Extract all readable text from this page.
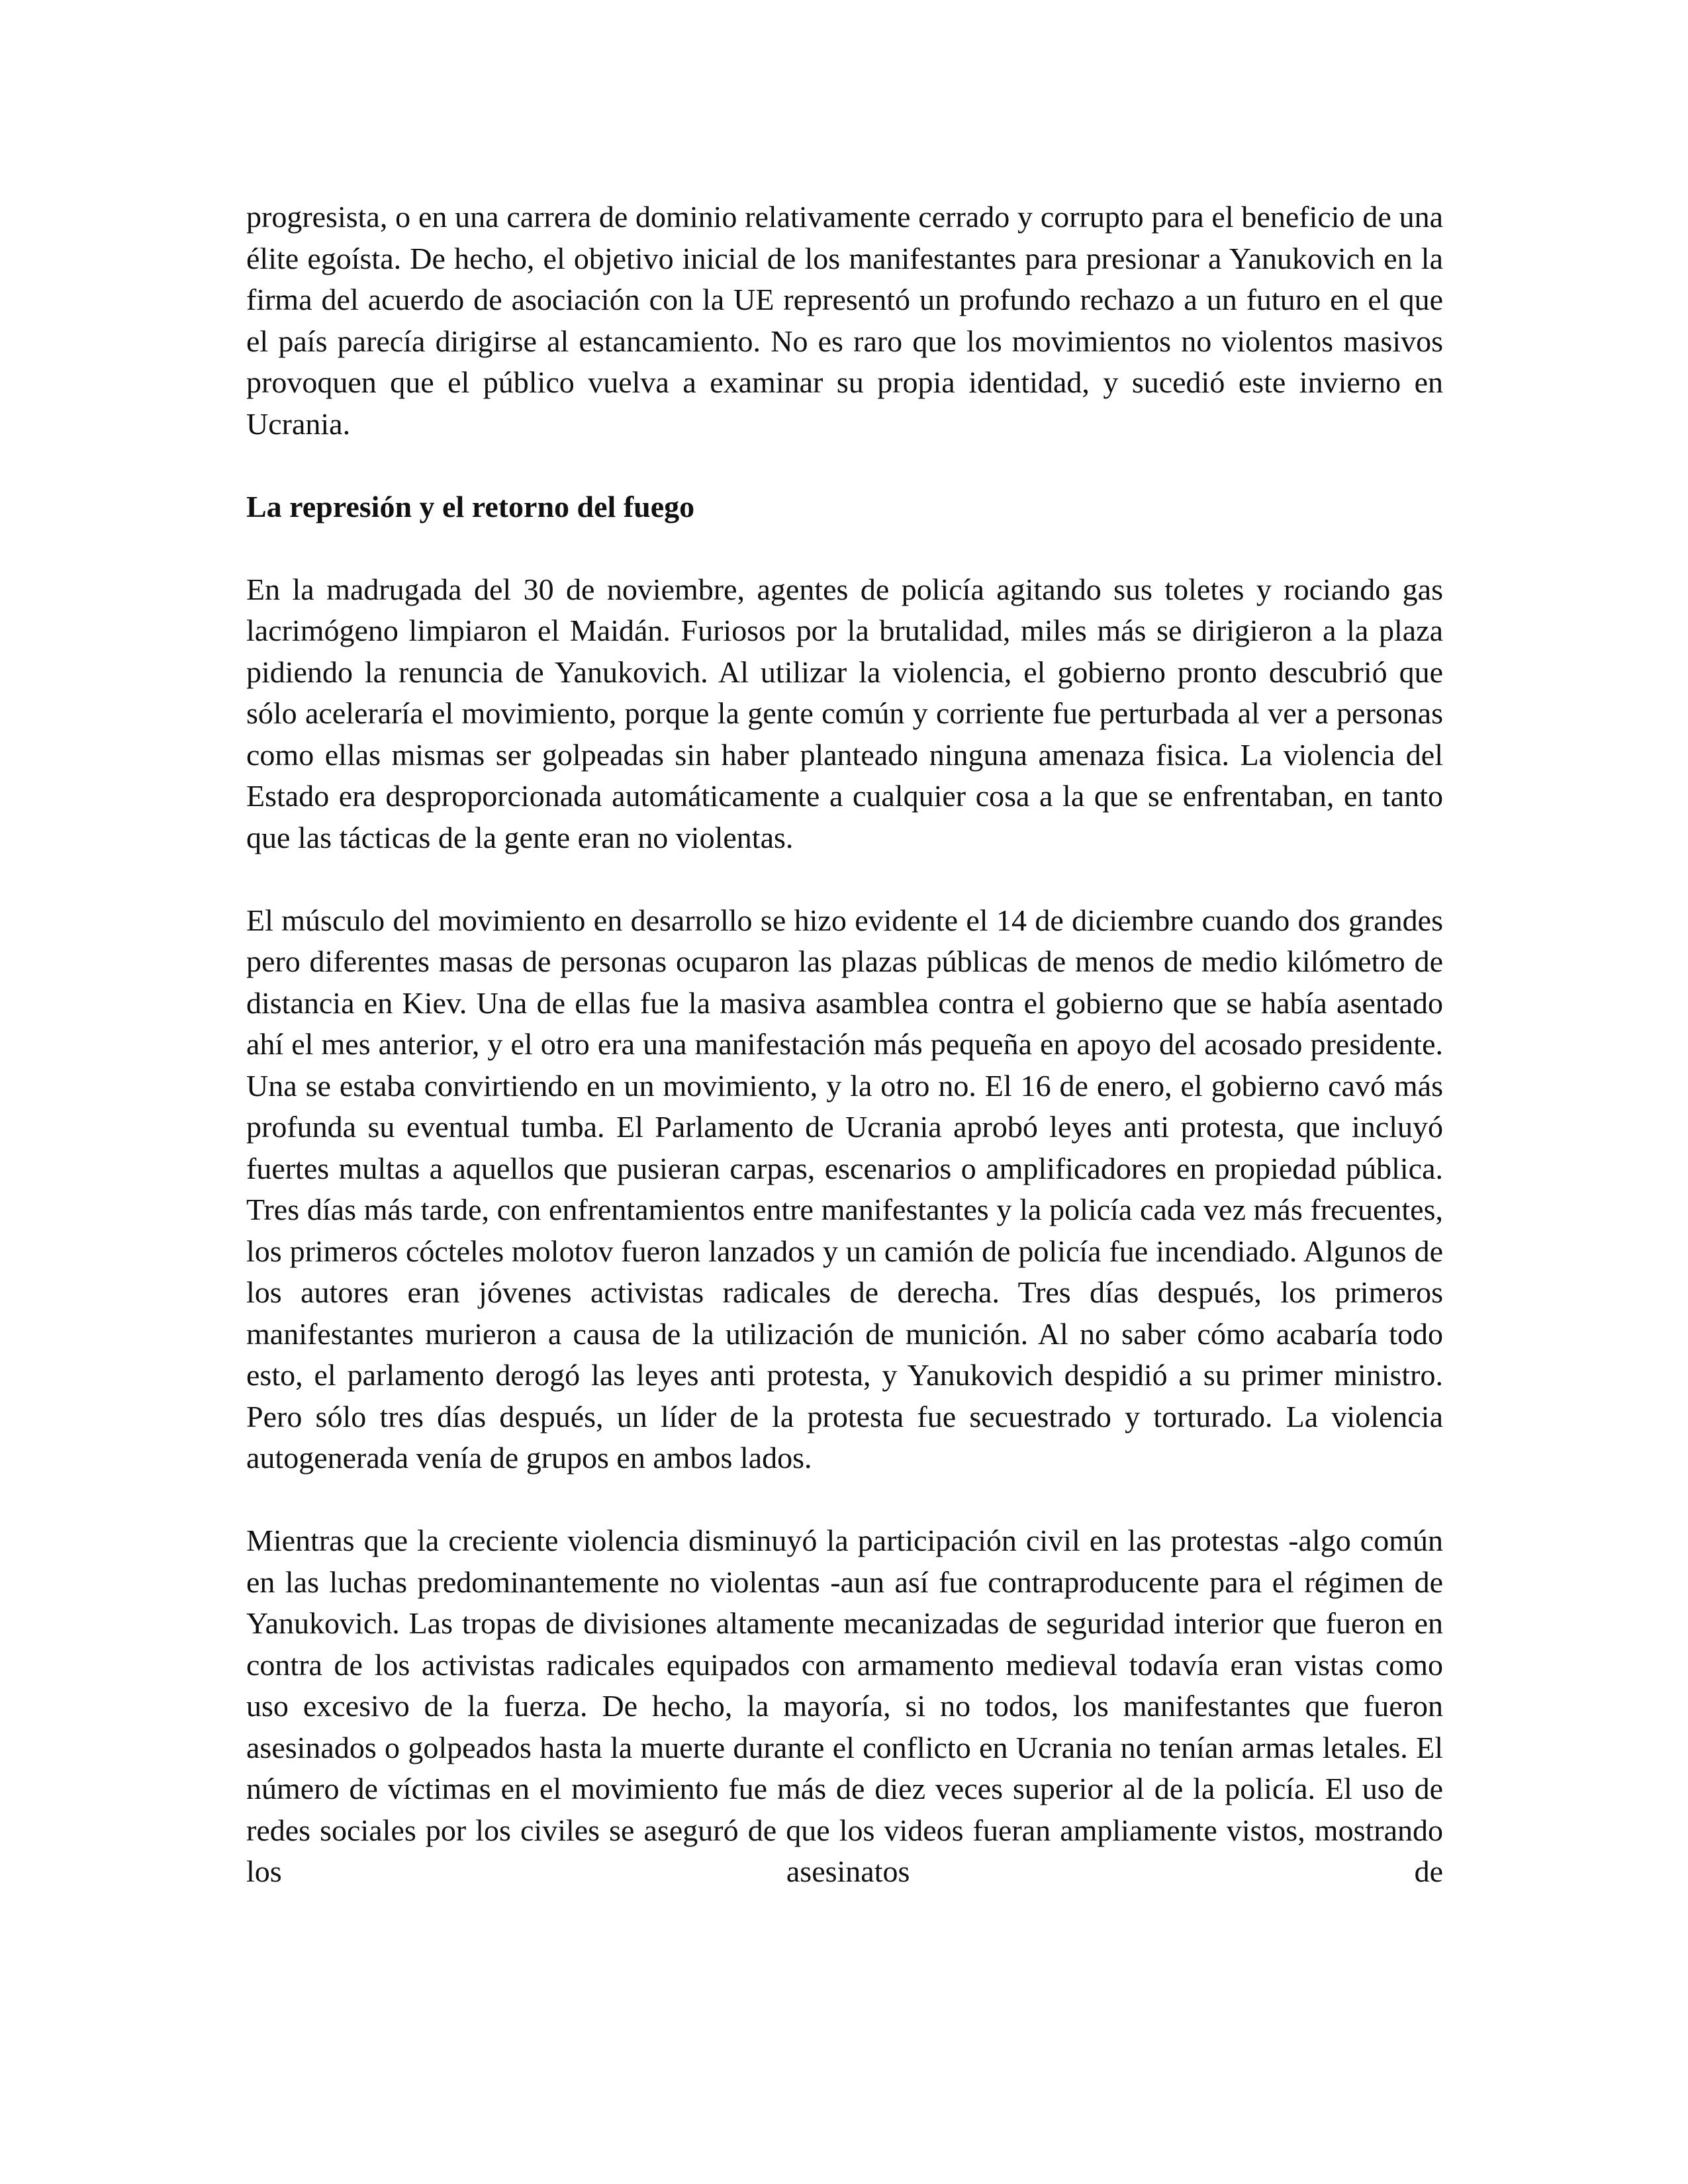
progresista, o en una carrera de dominio relativamente cerrado y corrupto para el beneficio de una élite egoísta. De hecho, el objetivo inicial de los manifestantes para presionar a Yanukovich en la firma del acuerdo de asociación con la UE representó un profundo rechazo a un futuro en el que el país parecía dirigirse al estancamiento. No es raro que los movimientos no violentos masivos provoquen que el público vuelva a examinar su propia identidad, y sucedió este invierno en Ucrania.

La represión y el retorno del fuego

En la madrugada del 30 de noviembre, agentes de policía agitando sus toletes y rociando gas lacrimógeno limpiaron el Maidán. Furiosos por la brutalidad, miles más se dirigieron a la plaza pidiendo la renuncia de Yanukovich. Al utilizar la violencia, el gobierno pronto descubrió que sólo aceleraría el movimiento, porque la gente común y corriente fue perturbada al ver a personas como ellas mismas ser golpeadas sin haber planteado ninguna amenaza fisica. La violencia del Estado era desproporcionada automáticamente a cualquier cosa a la que se enfrentaban, en tanto que las tácticas de la gente eran no violentas.

El músculo del movimiento en desarrollo se hizo evidente el 14 de diciembre cuando dos grandes pero diferentes masas de personas ocuparon las plazas públicas de menos de medio kilómetro de distancia en Kiev. Una de ellas fue la masiva asamblea contra el gobierno que se había asentado ahí el mes anterior, y el otro era una manifestación más pequeña en apoyo del acosado presidente. Una se estaba convirtiendo en un movimiento, y la otro no. El 16 de enero, el gobierno cavó más profunda su eventual tumba. El Parlamento de Ucrania aprobó leyes anti protesta, que incluyó fuertes multas a aquellos que pusieran carpas, escenarios o amplificadores en propiedad pública. Tres días más tarde, con enfrentamientos entre manifestantes y la policía cada vez más frecuentes, los primeros cócteles molotov fueron lanzados y un camión de policía fue incendiado. Algunos de los autores eran jóvenes activistas radicales de derecha. Tres días después, los primeros manifestantes murieron a causa de la utilización de munición. Al no saber cómo acabaría todo esto, el parlamento derogó las leyes anti protesta, y Yanukovich despidió a su primer ministro. Pero sólo tres días después, un líder de la protesta fue secuestrado y torturado. La violencia autogenerada venía de grupos en ambos lados.

Mientras que la creciente violencia disminuyó la participación civil en las protestas -algo común en las luchas predominantemente no violentas -aun así fue contraproducente para el régimen de Yanukovich. Las tropas de divisiones altamente mecanizadas de seguridad interior que fueron en contra de los activistas radicales equipados con armamento medieval todavía eran vistas como uso excesivo de la fuerza. De hecho, la mayoría, si no todos, los manifestantes que fueron asesinados o golpeados hasta la muerte durante el conflicto en Ucrania no tenían armas letales. El número de víctimas en el movimiento fue más de diez veces superior al de la policía. El uso de redes sociales por los civiles se aseguró de que los videos fueran ampliamente vistos, mostrando los asesinatos de
